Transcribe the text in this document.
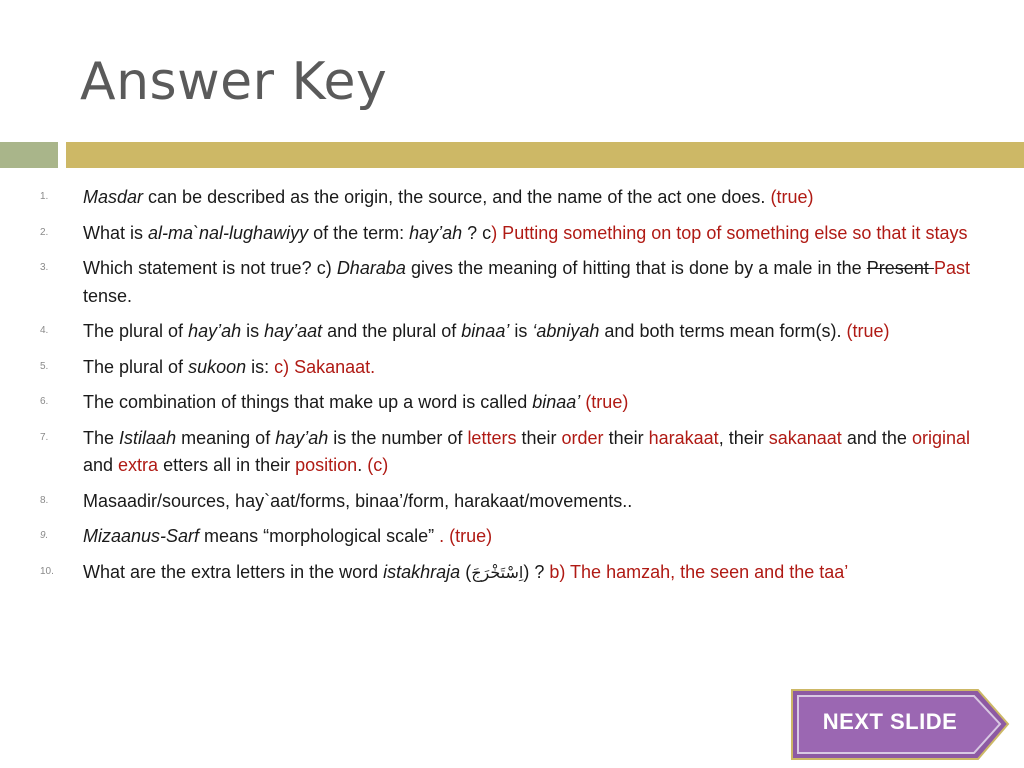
Answer Key
1.	Masdar can be described as the origin, the source, and the name of the act one does. (true)
2.	What is al-ma`nal-lughawiyy of the term: hay’ah ? c) Putting something on top of something else so that it stays
3.	Which statement is not true? c) Dharaba gives the meaning of hitting that is done by a male in the Present Past tense.
4.	The plural of hay’ah is hay’aat and the plural of binaa’ is ‘abniyah and both terms mean form(s). (true)
5.	The plural of sukoon is: c) Sakanaat.
6.	The combination of things that make up a word is called binaa’ (true)
7.	The Istilaah meaning of hay’ah is the number of letters their order their harakaat, their sakanaat and the original and extra etters all in their position. (c)
8.	Masaadir/sources, hay`aat/forms, binaa’/form, harakaat/movements..
9.	Mizaanus-Sarf means “morphological scale” . (true)
10.	What are the extra letters in the word istakhraja (اِسْتَخْرَجَ) ? b) The hamzah, the seen and the taa’
NEXT SLIDE
